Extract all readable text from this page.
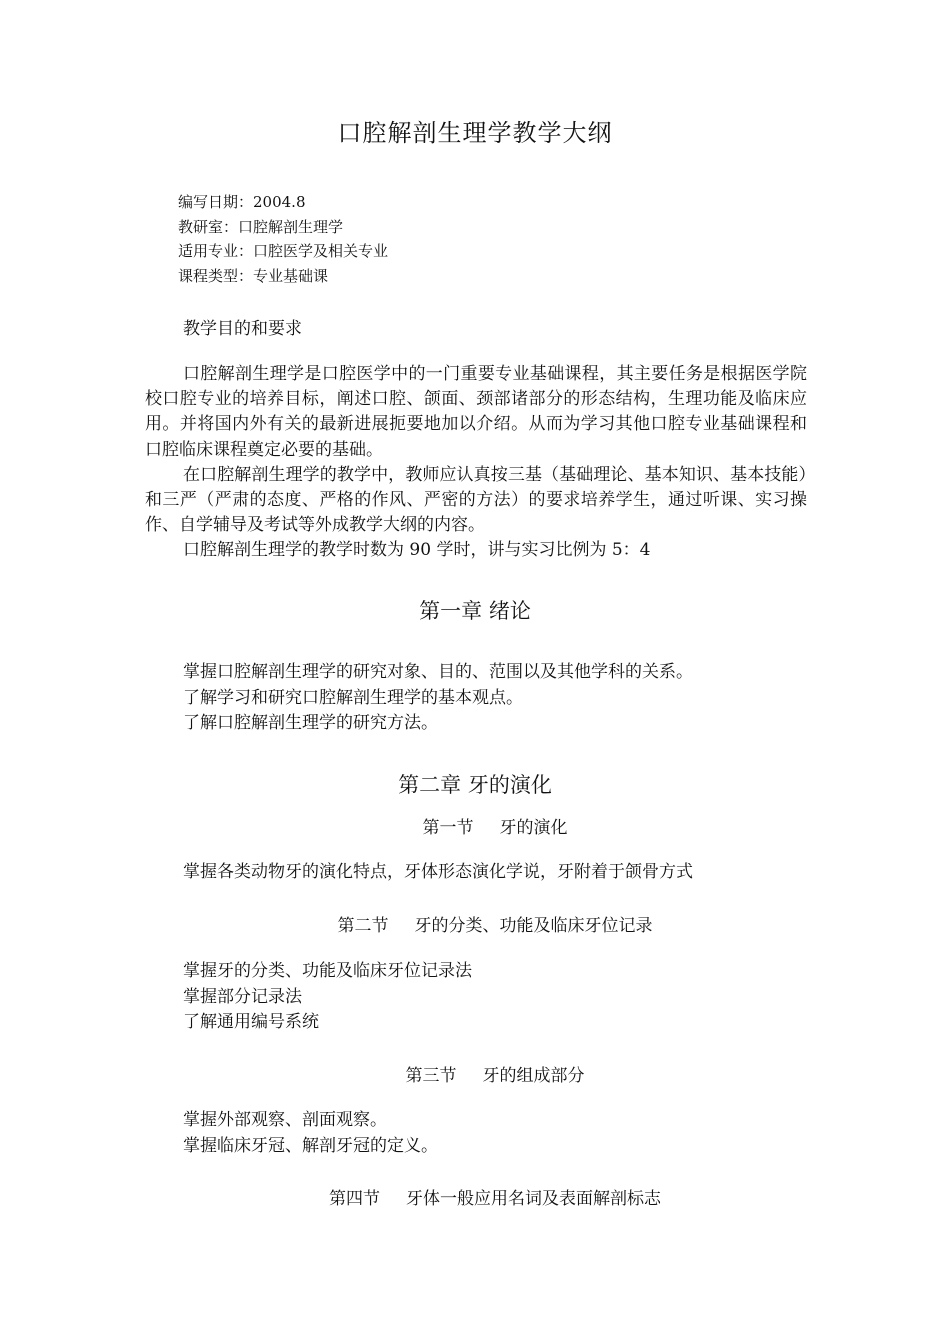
口腔解剖生理学教学大纲
编写日期：2004.8
教研室：口腔解剖生理学
适用专业：口腔医学及相关专业
课程类型：专业基础课
教学目的和要求

口腔解剖生理学是口腔医学中的一门重要专业基础课程，其主要任务是根据医学院校口腔专业的培养目标，阐述口腔、颌面、颈部诸部分的形态结构，生理功能及临床应用。并将国内外有关的最新进展扼要地加以介绍。从而为学习其他口腔专业基础课程和口腔临床课程奠定必要的基础。

在口腔解剖生理学的教学中，教师应认真按三基（基础理论、基本知识、基本技能）和三严（严肃的态度、严格的作风、严密的方法）的要求培养学生，通过听课、实习操作、自学辅导及考试等外成教学大纲的内容。

口腔解剖生理学的教学时数为 90 学时，讲与实习比例为 5：4

第一章 绪论
掌握口腔解剖生理学的研究对象、目的、范围以及其他学科的关系。
了解学习和研究口腔解剖生理学的基本观点。
了解口腔解剖生理学的研究方法。
第二章 牙的演化
第一节 牙的演化
掌握各类动物牙的演化特点，牙体形态演化学说，牙附着于颌骨方式
第二节 牙的分类、功能及临床牙位记录
掌握牙的分类、功能及临床牙位记录法
掌握部分记录法
了解通用编号系统
第三节 牙的组成部分
掌握外部观察、剖面观察。
掌握临床牙冠、解剖牙冠的定义。
第四节 牙体一般应用名词及表面解剖标志
